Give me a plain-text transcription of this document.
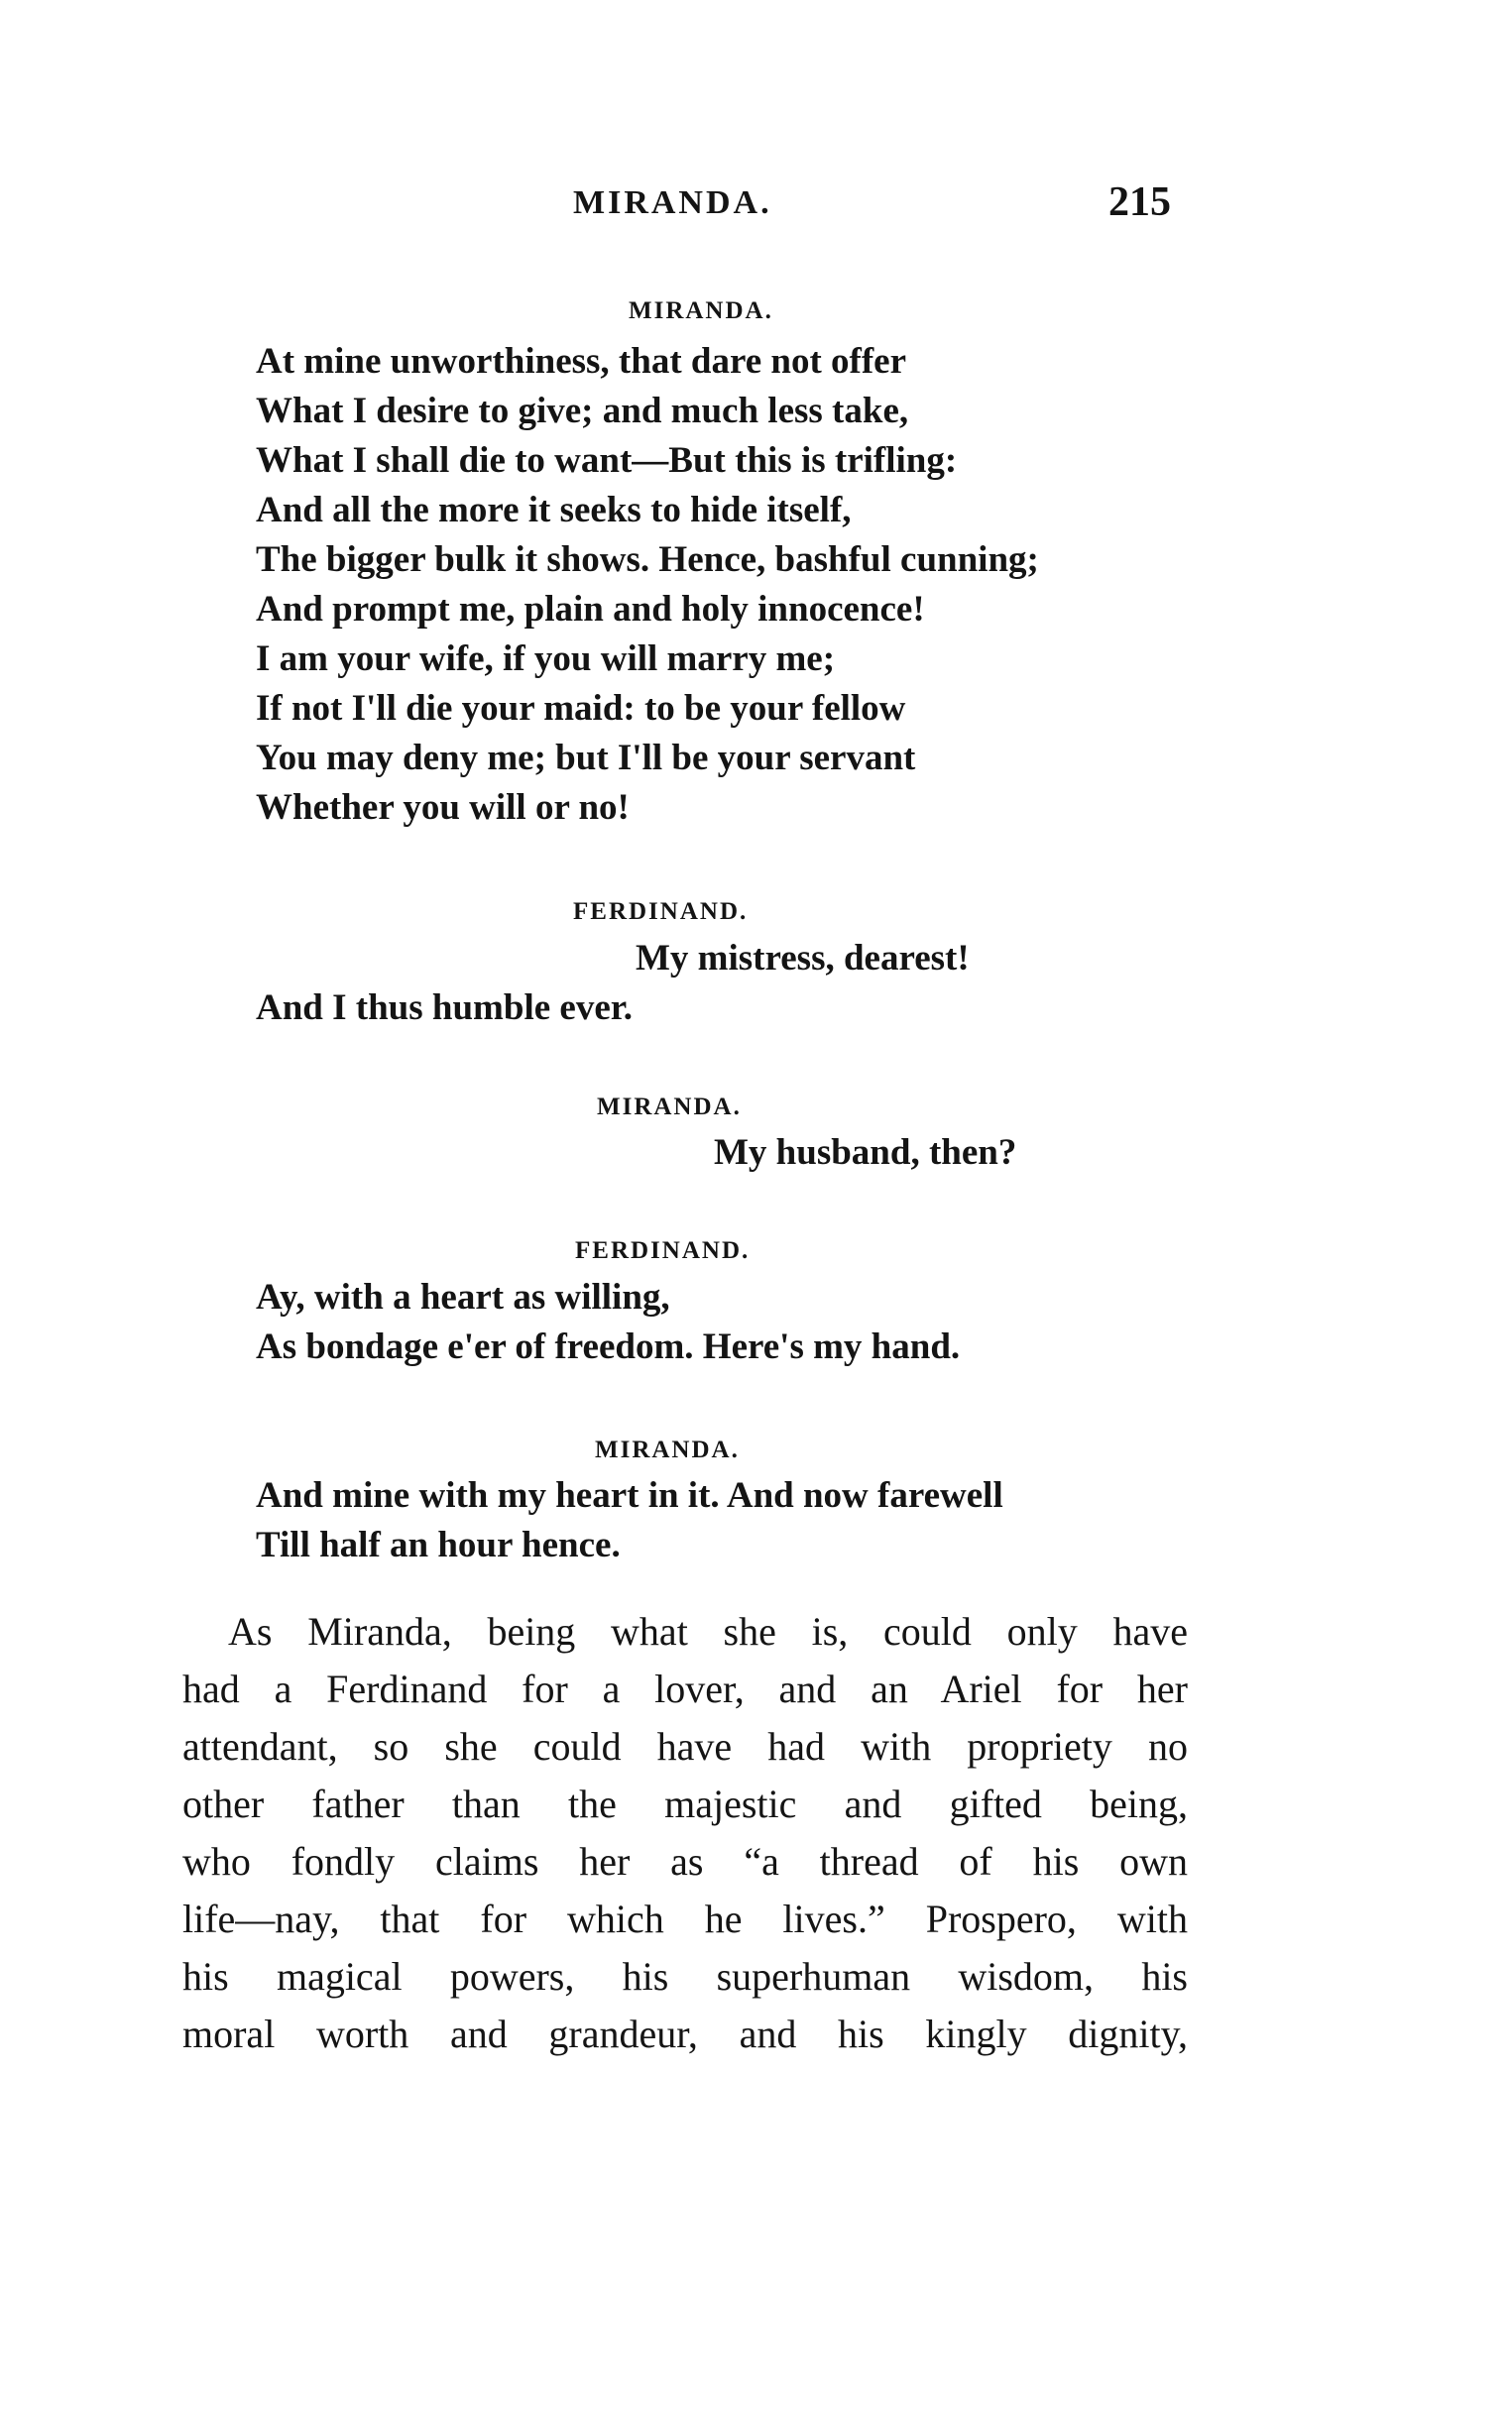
MIRANDA.	215
MIRANDA.
At mine unworthiness, that dare not offer
What I desire to give; and much less take,
What I shall die to want—But this is trifling:
And all the more it seeks to hide itself,
The bigger bulk it shows. Hence, bashful cunning;
And prompt me, plain and holy innocence!
I am your wife, if you will marry me;
If not I'll die your maid: to be your fellow
You may deny me; but I'll be your servant
Whether you will or no!
FERDINAND.
My mistress, dearest!
And I thus humble ever.
MIRANDA.
My husband, then?
FERDINAND.
Ay, with a heart as willing,
As bondage e'er of freedom. Here's my hand.
MIRANDA.
And mine with my heart in it. And now farewell
Till half an hour hence.
As Miranda, being what she is, could only have
had a Ferdinand for a lover, and an Ariel for her
attendant, so she could have had with propriety no
other father than the majestic and gifted being,
who fondly claims her as “a thread of his own
life—nay, that for which he lives.” Prospero, with
his magical powers, his superhuman wisdom, his
moral worth and grandeur, and his kingly dignity,
